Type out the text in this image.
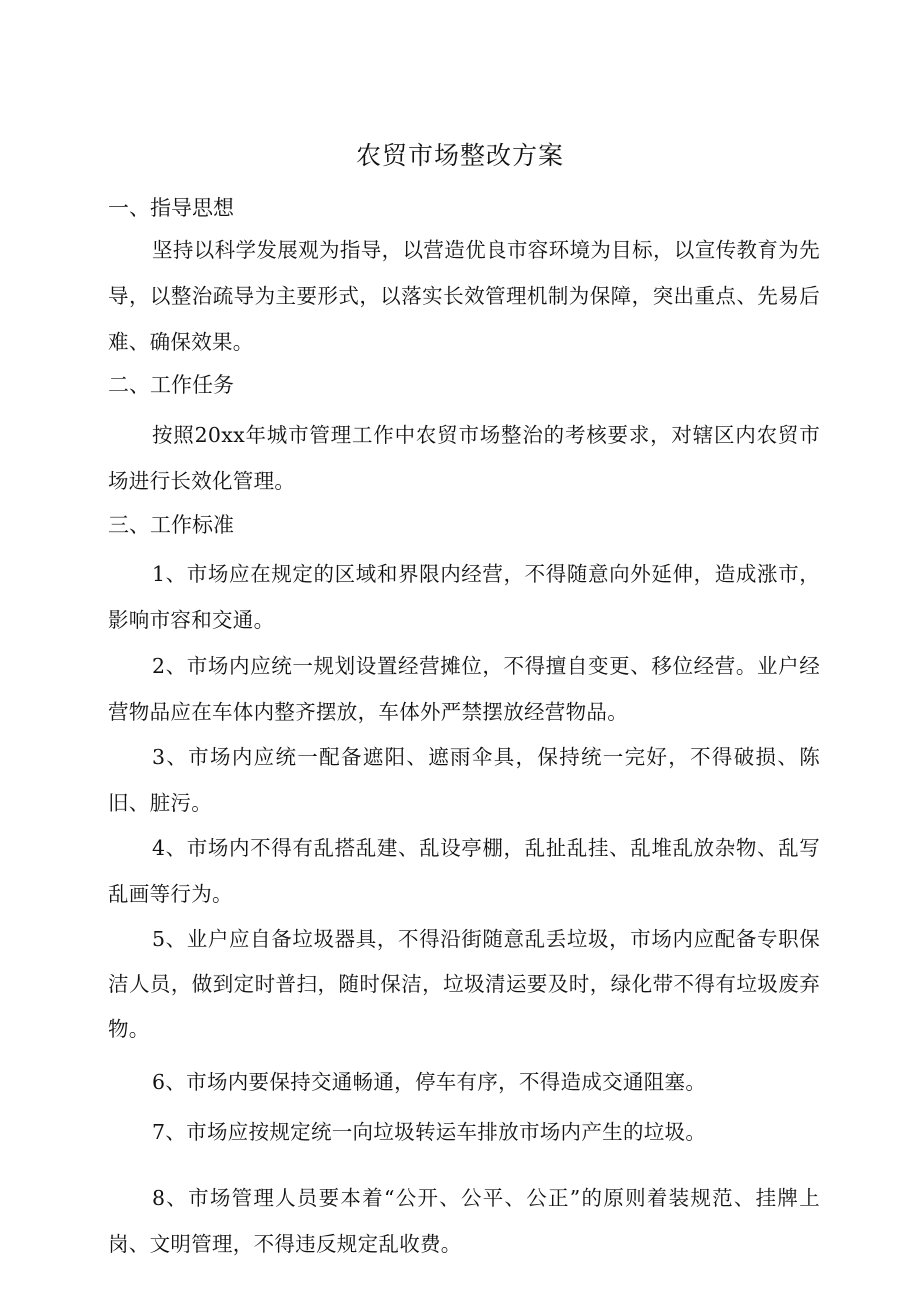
农贸市场整改方案
一、指导思想

坚持以科学发展观为指导，以营造优良市容环境为目标，以宣传教育为先导，以整治疏导为主要形式，以落实长效管理机制为保障，突出重点、先易后难、确保效果。

二、工作任务

按照20xx年城市管理工作中农贸市场整治的考核要求，对辖区内农贸市场进行长效化管理。

三、工作标准

1、市场应在规定的区域和界限内经营，不得随意向外延伸，造成涨市，影响市容和交通。

2、市场内应统一规划设置经营摊位，不得擅自变更、移位经营。业户经营物品应在车体内整齐摆放，车体外严禁摆放经营物品。

3、市场内应统一配备遮阳、遮雨伞具，保持统一完好，不得破损、陈旧、脏污。

4、市场内不得有乱搭乱建、乱设亭棚，乱扯乱挂、乱堆乱放杂物、乱写乱画等行为。

5、业户应自备垃圾器具，不得沿街随意乱丢垃圾，市场内应配备专职保洁人员，做到定时普扫，随时保洁，垃圾清运要及时，绿化带不得有垃圾废弃物。

6、市场内要保持交通畅通，停车有序，不得造成交通阻塞。

7、市场应按规定统一向垃圾转运车排放市场内产生的垃圾。

8、市场管理人员要本着“公开、公平、公正”的原则着装规范、挂牌上岗、文明管理，不得违反规定乱收费。
